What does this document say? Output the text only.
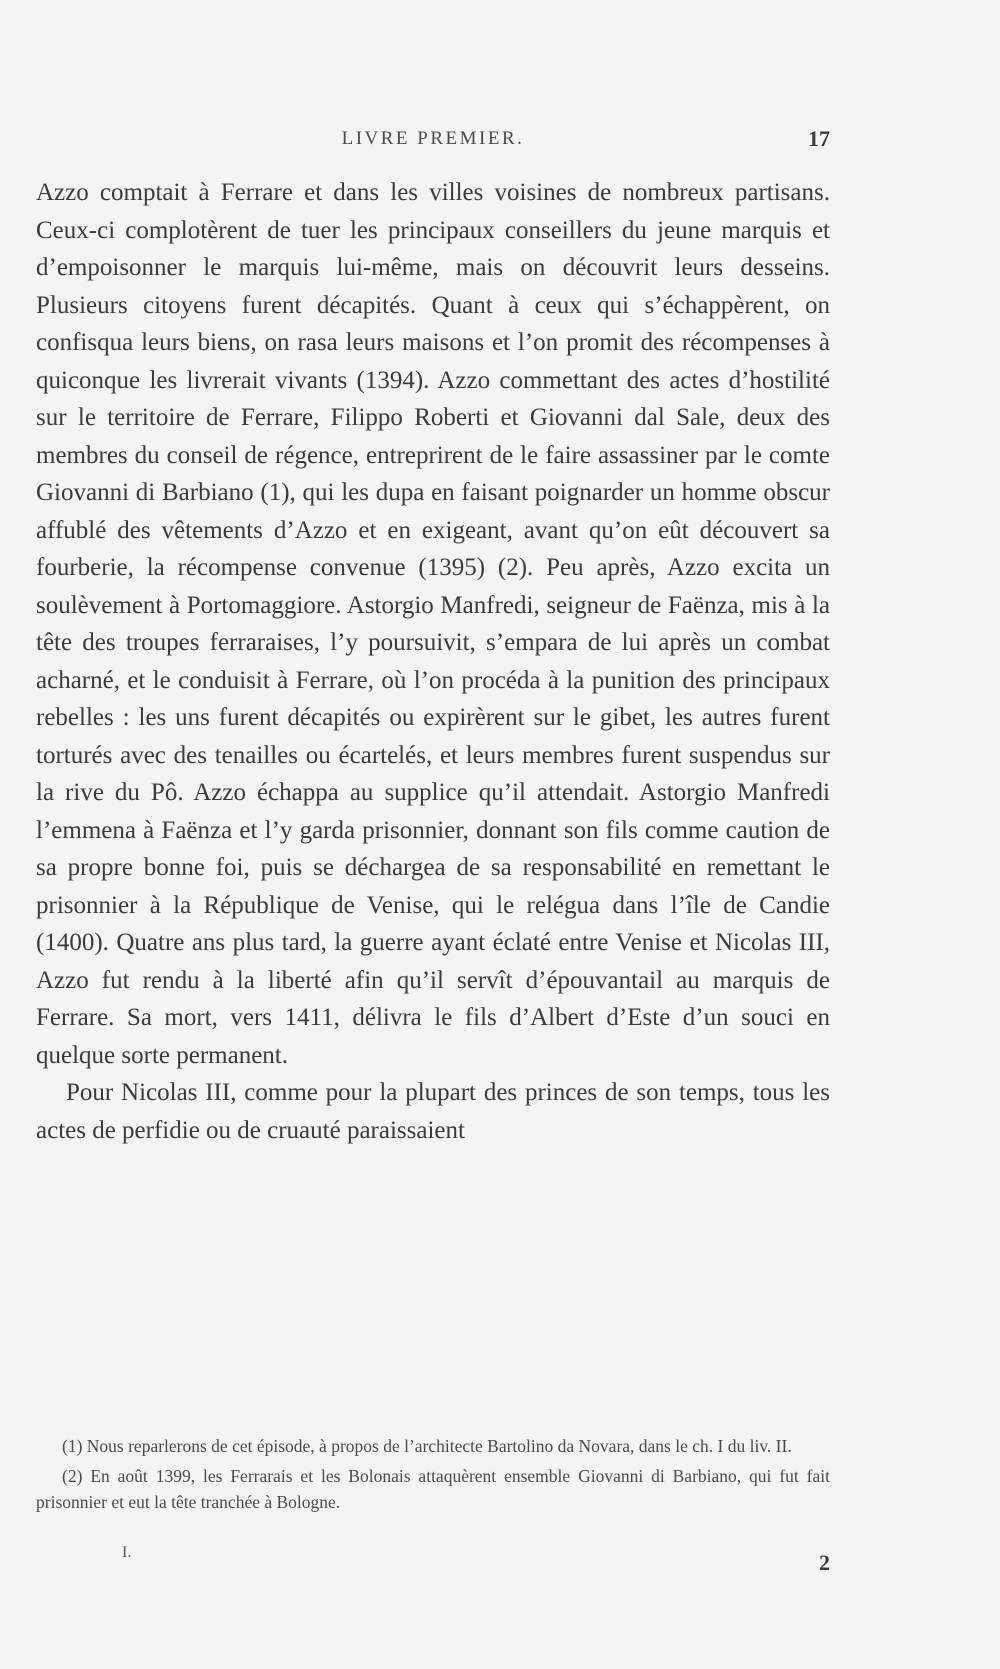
LIVRE PREMIER.	17

Azzo comptait à Ferrare et dans les villes voisines de nombreux partisans. Ceux-ci complotèrent de tuer les principaux conseillers du jeune marquis et d’empoisonner le marquis lui-même, mais on découvrit leurs desseins. Plusieurs citoyens furent décapités. Quant à ceux qui s’échappèrent, on confisqua leurs biens, on rasa leurs maisons et l’on promit des récompenses à quiconque les livrerait vivants (1394). Azzo commettant des actes d’hostilité sur le territoire de Ferrare, Filippo Roberti et Giovanni dal Sale, deux des membres du conseil de régence, entreprirent de le faire assassiner par le comte Giovanni di Barbiano (1), qui les dupa en faisant poignarder un homme obscur affublé des vêtements d’Azzo et en exigeant, avant qu’on eût découvert sa fourberie, la récompense convenue (1395) (2). Peu après, Azzo excita un soulèvement à Portomaggiore. Astorgio Manfredi, seigneur de Faënza, mis à la tête des troupes ferraraises, l’y poursuivit, s’empara de lui après un combat acharné, et le conduisit à Ferrare, où l’on procéda à la punition des principaux rebelles : les uns furent décapités ou expirèrent sur le gibet, les autres furent torturés avec des tenailles ou écartelés, et leurs membres furent suspendus sur la rive du Pô. Azzo échappa au supplice qu’il attendait. Astorgio Manfredi l’emmena à Faënza et l’y garda prisonnier, donnant son fils comme caution de sa propre bonne foi, puis se déchargea de sa responsabilité en remettant le prisonnier à la République de Venise, qui le relégua dans l’île de Candie (1400). Quatre ans plus tard, la guerre ayant éclaté entre Venise et Nicolas III, Azzo fut rendu à la liberté afin qu’il servît d’épouvantail au marquis de Ferrare. Sa mort, vers 1411, délivra le fils d’Albert d’Este d’un souci en quelque sorte permanent.

Pour Nicolas III, comme pour la plupart des princes de son temps, tous les actes de perfidie ou de cruauté paraissaient

(1) Nous reparlerons de cet épisode, à propos de l’architecte Bartolino da Novara, dans le ch. I du liv. II.

(2) En août 1399, les Ferrarais et les Bolonais attaquèrent ensemble Giovanni di Barbiano, qui fut fait prisonnier et eut la tête tranchée à Bologne.

I.	2
